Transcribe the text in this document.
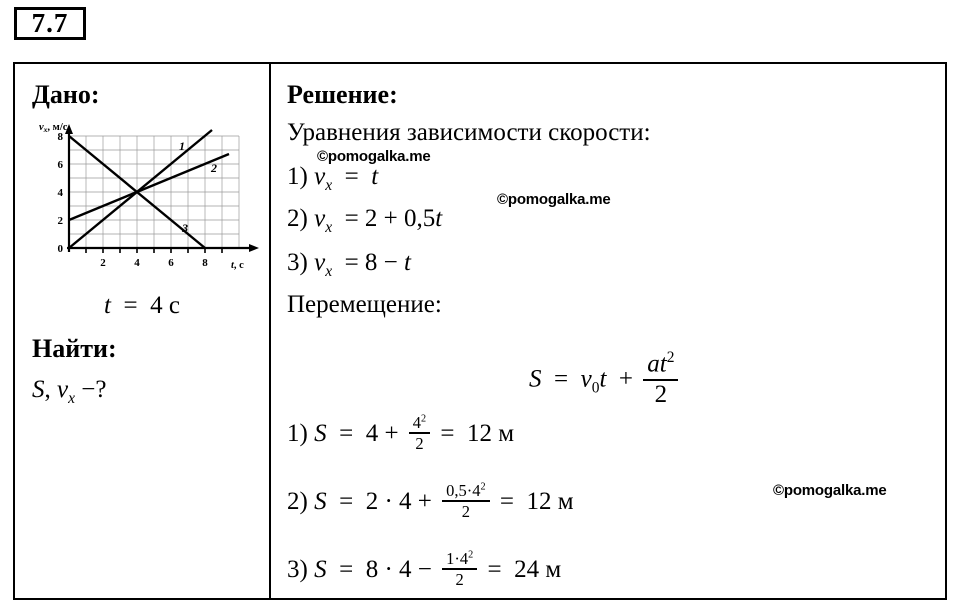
7.7
Дано:
8
6
4
2
0
2	4	6	8
vx, м/с
t, с
1
2
3
t  =  4 с
Найти:
S, $v_x$ −?
Решение:
Уравнения зависимости скорости:
1) $v_x = t$
2) $v_x = 2 + 0,5t$
3) $v_x = 8 - t$
Перемещение:
$S = v_0t + \frac{at^2}{2}$
1) $S = 4 + \frac{4^2}{2} = 12$ м
2) $S = 2 \cdot 4 + \frac{0,5\cdot 4^2}{2} = 12$ м
3) $S = 8 \cdot 4 - \frac{1\cdot 4^2}{2} = 24$ м
©pomogalka.me
©pomogalka.me
©pomogalka.me
